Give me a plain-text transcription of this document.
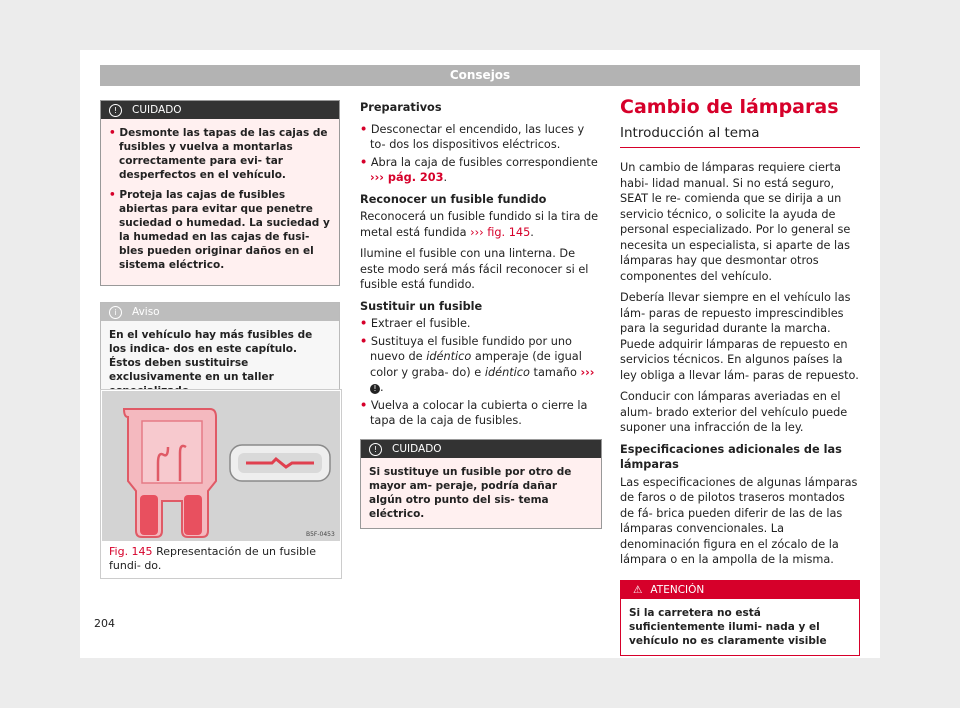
Consejos
! CUIDADO

• Desmonte las tapas de las cajas de fusibles y vuelva a montarlas correctamente para evi- tar desperfectos en el vehículo.

• Proteja las cajas de fusibles abiertas para evitar que penetre suciedad o humedad. La suciedad y la humedad en las cajas de fusi- bles pueden originar daños en el sistema eléctrico.

i Aviso
En el vehículo hay más fusibles de los indica- dos en este capítulo. Éstos deben sustituirse exclusivamente en un taller
B5F-0453
Fig. 145 Representación de un fusible fundi- do.

Preparativos

• Desconectar el encendido, las luces y to- dos los dispositivos eléctricos.

• Abra la caja de fusibles correspondiente ››› pág. 203.

Reconocer un fusible fundido

Reconocerá un fusible fundido si la tira de metal está fundida ››› fig. 145.

Ilumine el fusible con una linterna. De este modo será más fácil reconocer si el fusible está fundido.

Sustituir un fusible

• Extraer el fusible.

• Sustituya el fusible fundido por uno nuevo de idéntico amperaje (de igual color y graba- do) e idéntico tamaño ››› ! .

• Vuelva a colocar la cubierta o cierre la tapa de la caja de fusibles.

! CUIDADO
Si sustituye un fusible por otro de mayor am- peraje, podría dañar algún otro punto del sis- tema eléctrico.
Cambio de lámparas
Introducción al tema

Un cambio de lámparas requiere cierta habi- lidad manual. Si no está seguro, SEAT le re- comienda que se dirija a un servicio técnico, o solicite la ayuda de personal especializado. Por lo general se necesita un especialista, si aparte de las lámparas hay que desmontar otros componentes del vehículo.

Debería llevar siempre en el vehículo las lám- paras de repuesto imprescindibles para la seguridad durante la marcha. Puede adquirir lámparas de repuesto en servicios técnicos. En algunos países la ley obliga a llevar lám- paras de repuesto.

Conducir con lámparas averiadas en el alum- brado exterior del vehículo puede suponer una infracción de la ley.

Especificaciones adicionales de las lámparas

Las especificaciones de algunas lámparas de faros o de pilotos traseros montados de fá- brica pueden diferir de las de las lámparas convencionales. La denominación figura en el zócalo de la lámpara o en la ampolla de la misma.

⚠ ATENCIÓN
Si la carretera no está suficientemente ilumi- nada y el vehículo no es claramente visible
204
